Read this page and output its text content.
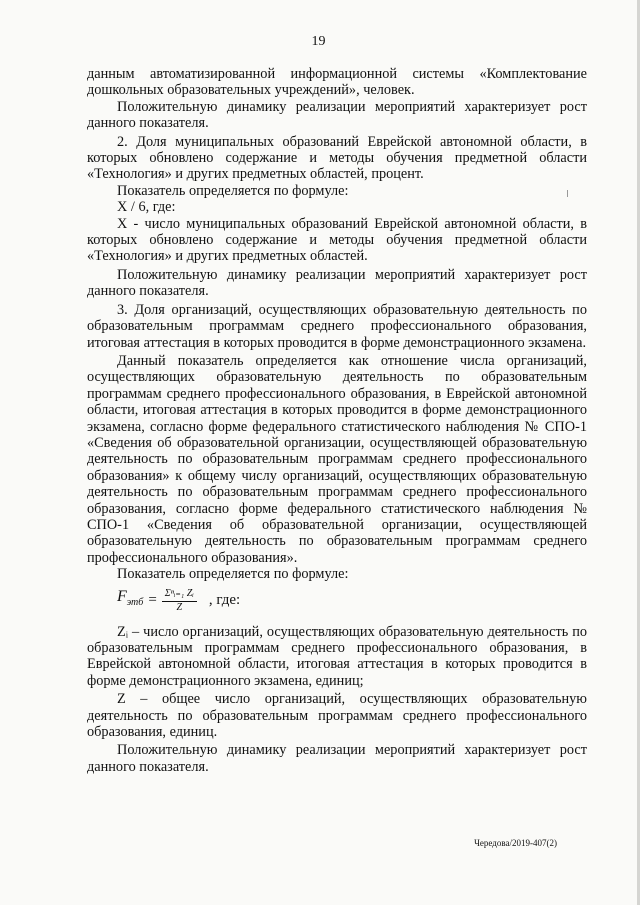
19

данным автоматизированной информационной системы «Комплектование дошкольных образовательных учреждений», человек.

Положительную динамику реализации мероприятий характеризует рост данного показателя.

2. Доля муниципальных образований Еврейской автономной области, в которых обновлено содержание и методы обучения предметной области «Технология» и других предметных областей, процент.

Показатель определяется по формуле:

X / 6, где:

X - число муниципальных образований Еврейской автономной области, в которых обновлено содержание и методы обучения предметной области «Технология» и других предметных областей.

Положительную динамику реализации мероприятий характеризует рост данного показателя.

3. Доля организаций, осуществляющих образовательную деятельность по образовательным программам среднего профессионального образования, итоговая аттестация в которых проводится в форме демонстрационного экзамена.

Данный показатель определяется как отношение числа организаций, осуществляющих образовательную деятельность по образовательным программам среднего профессионального образования, в Еврейской автономной области, итоговая аттестация в которых проводится в форме демонстрационного экзамена, согласно форме федерального статистического наблюдения № СПО-1 «Сведения об образовательной организации, осуществляющей образовательную деятельность по образовательным программам среднего профессионального образования» к общему числу организаций, осуществляющих образовательную деятельность по образовательным программам среднего профессионального образования, согласно форме федерального статистического наблюдения № СПО-1 «Сведения об образовательной организации, осуществляющей образовательную деятельность по образовательным программам среднего профессионального образования».

Показатель определяется по формуле:

$F_{этб} = \frac{\text{Σⁿᵢ₌₁ Zᵢ}}{Z}$ , где:

Zᵢ – число организаций, осуществляющих образовательную деятельность по образовательным программам среднего профессионального образования, в Еврейской автономной области, итоговая аттестация в которых проводится в форме демонстрационного экзамена, единиц;

Z – общее число организаций, осуществляющих образовательную деятельность по образовательным программам среднего профессионального образования, единиц.

Положительную динамику реализации мероприятий характеризует рост данного показателя.

Чередова/2019-407(2)
